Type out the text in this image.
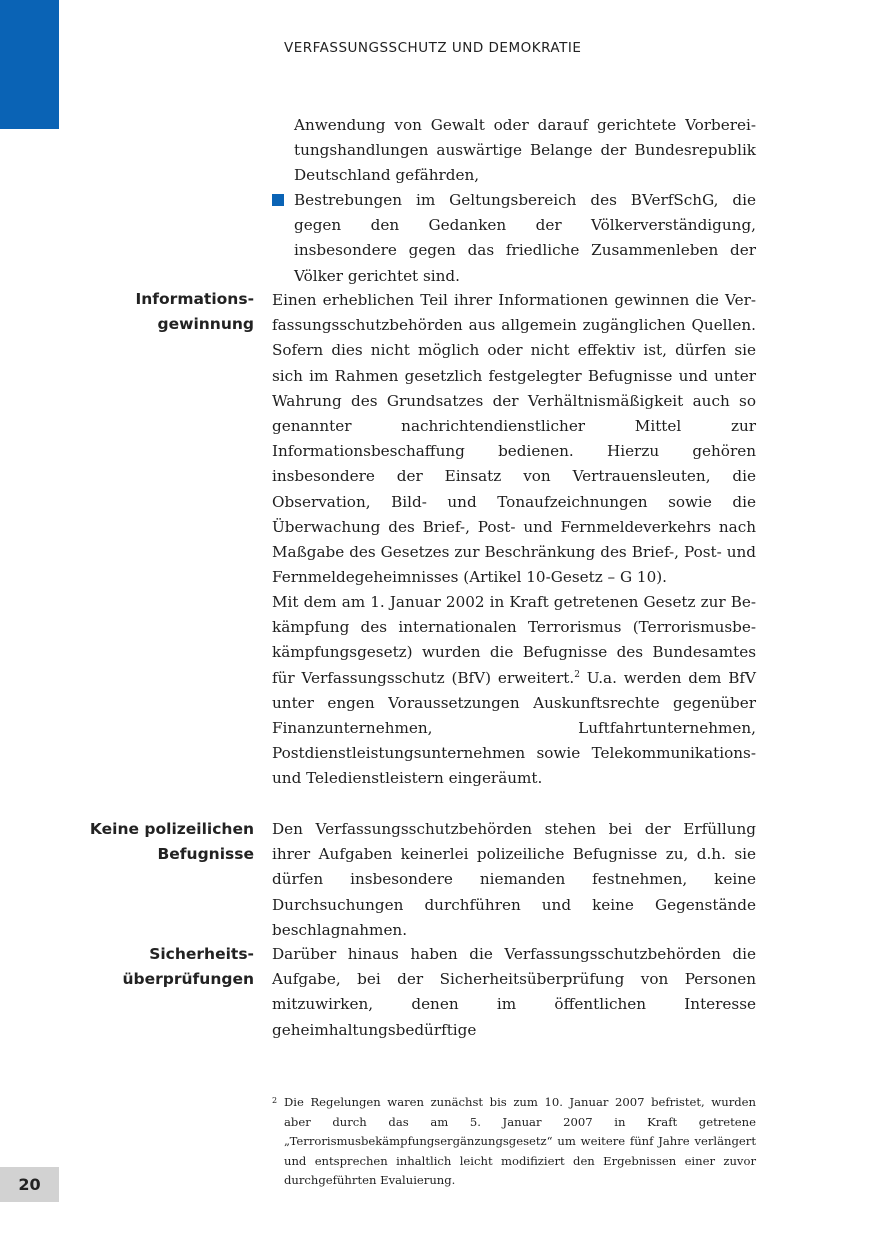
VERFASSUNGSSCHUTZ UND DEMOKRATIE

Anwendung von Gewalt oder darauf gerichtete Vorbereitungshandlungen auswärtige Belange der Bundesrepublik Deutschland gefährden,

Bestrebungen im Geltungsbereich des BVerfSchG, die gegen den Gedanken der Völkerverständigung, insbesondere gegen das friedliche Zusammenleben der Völker gerichtet sind.

Informations-
gewinnung

Einen erheblichen Teil ihrer Informationen gewinnen die Verfassungsschutzbehörden aus allgemein zugänglichen Quellen. Sofern dies nicht möglich oder nicht effektiv ist, dürfen sie sich im Rahmen gesetzlich festgelegter Befugnisse und unter Wahrung des Grundsatzes der Verhältnismäßigkeit auch so genannter nachrichtendienstlicher Mittel zur Informationsbeschaffung bedienen. Hierzu gehören insbesondere der Einsatz von Vertrauensleuten, die Observation, Bild- und Tonaufzeichnungen sowie die Überwachung des Brief-, Post- und Fernmeldeverkehrs nach Maßgabe des Gesetzes zur Beschränkung des Brief-, Post- und Fernmeldegeheimnisses (Artikel 10-Gesetz – G 10).

Mit dem am 1. Januar 2002 in Kraft getretenen Gesetz zur Bekämpfung des internationalen Terrorismus (Terrorismusbekämpfungsgesetz) wurden die Befugnisse des Bundesamtes für Verfassungsschutz (BfV) erweitert.$^2$ U.a. werden dem BfV unter engen Voraussetzungen Auskunftsrechte gegenüber Finanzunternehmen, Luftfahrtunternehmen, Postdienstleistungsunternehmen sowie Telekommunikations- und Teledienstleistern eingeräumt.

Keine polizeilichen
Befugnisse

Den Verfassungsschutzbehörden stehen bei der Erfüllung ihrer Aufgaben keinerlei polizeiliche Befugnisse zu, d.h. sie dürfen insbesondere niemanden festnehmen, keine Durchsuchungen durchführen und keine Gegenstände beschlagnahmen.

Sicherheits-
überprüfungen

Darüber hinaus haben die Verfassungsschutzbehörden die Aufgabe, bei der Sicherheitsüberprüfung von Personen mitzuwirken, denen im öffentlichen Interesse geheimhaltungsbedürftige

2 Die Regelungen waren zunächst bis zum 10. Januar 2007 befristet, wurden aber durch das am 5. Januar 2007 in Kraft getretene „Terrorismusbekämpfungsergänzungsgesetz“ um weitere fünf Jahre verlängert und entsprechen inhaltlich leicht modifiziert den Ergebnissen einer zuvor durchgeführten Evaluierung.
20
